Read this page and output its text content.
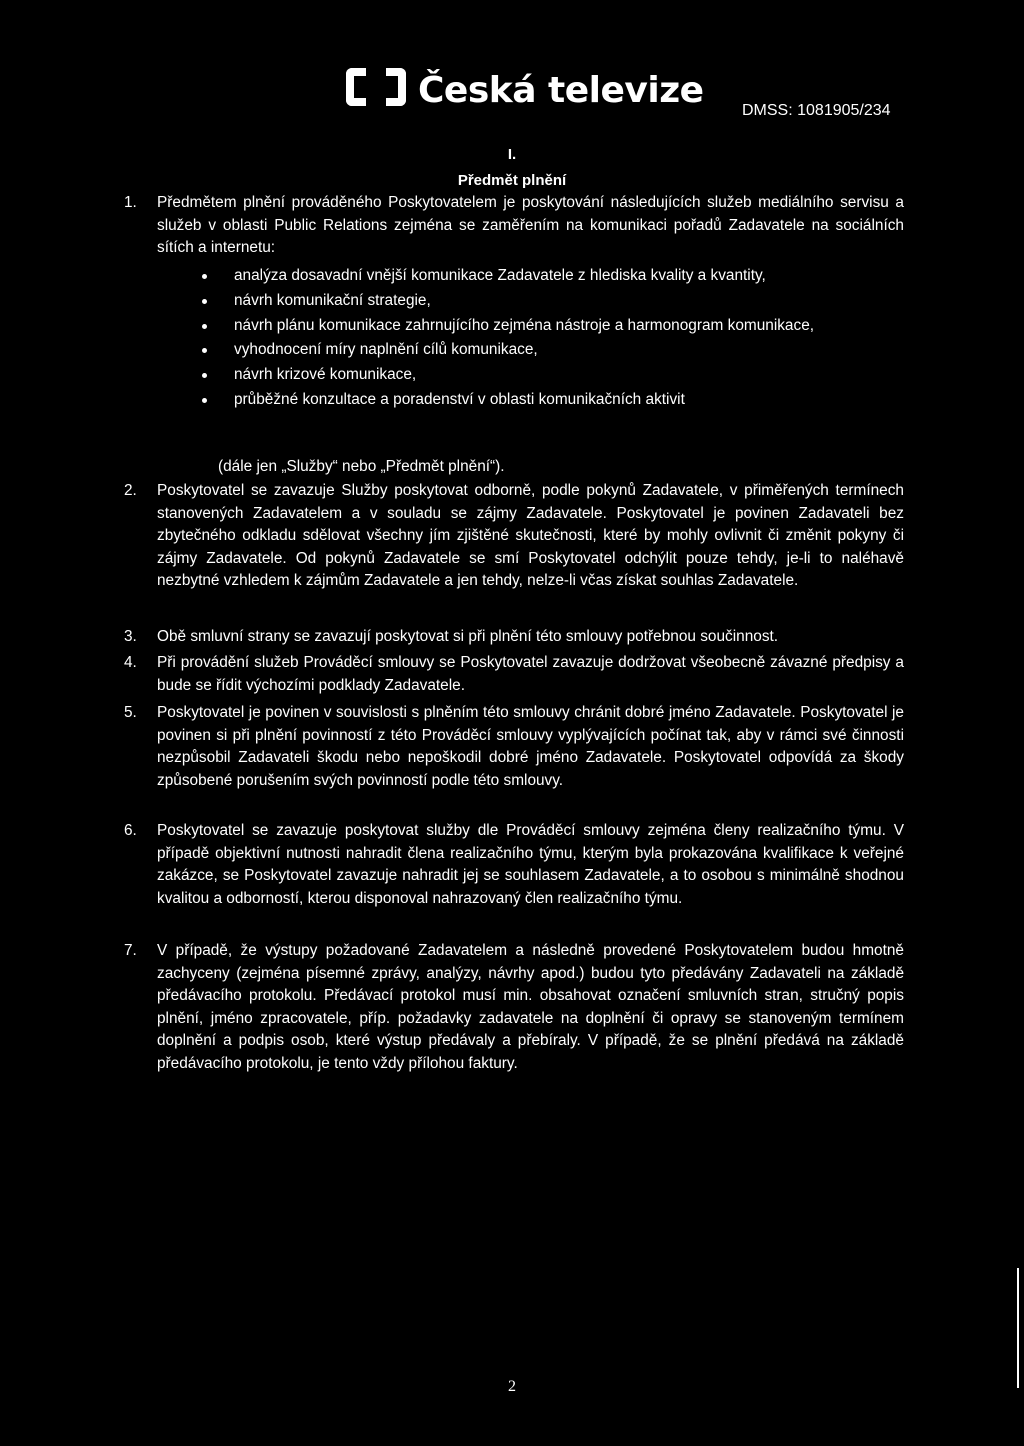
Česká televize DMSS: 1081905/234
I.
Předmět plnění
1. Předmětem plnění prováděného Poskytovatelem je poskytování následujících služeb mediálního servisu a služeb v oblasti Public Relations zejména se zaměřením na komunikaci pořadů Zadavatele na sociálních sítích a internetu:
analýza dosavadní vnější komunikace Zadavatele z hlediska kvality a kvantity,
návrh komunikační strategie,
návrh plánu komunikace zahrnujícího zejména nástroje a harmonogram komunikace,
vyhodnocení míry naplnění cílů komunikace,
návrh krizové komunikace,
průběžné konzultace a poradenství v oblasti komunikačních aktivit
(dále jen „Služby“ nebo „Předmět plnění“).
2. Poskytovatel se zavazuje Služby poskytovat odborně, podle pokynů Zadavatele, v přiměřených termínech stanovených Zadavatelem a v souladu se zájmy Zadavatele. Poskytovatel je povinen Zadavateli bez zbytečného odkladu sdělovat všechny jím zjištěné skutečnosti, které by mohly ovlivnit či změnit pokyny či zájmy Zadavatele. Od pokynů Zadavatele se smí Poskytovatel odchýlit pouze tehdy, je-li to naléhavě nezbytné vzhledem k zájmům Zadavatele a jen tehdy, nelze-li včas získat souhlas Zadavatele.
3. Obě smluvní strany se zavazují poskytovat si při plnění této smlouvy potřebnou součinnost.
4. Při provádění služeb Prováděcí smlouvy se Poskytovatel zavazuje dodržovat všeobecně závazné předpisy a bude se řídit výchozími podklady Zadavatele.
5. Poskytovatel je povinen v souvislosti s plněním této smlouvy chránit dobré jméno Zadavatele. Poskytovatel je povinen si při plnění povinností z této Prováděcí smlouvy vyplývajících počínat tak, aby v rámci své činnosti nezpůsobil Zadavateli škodu nebo nepoškodil dobré jméno Zadavatele. Poskytovatel odpovídá za škody způsobené porušením svých povinností podle této smlouvy.
6. Poskytovatel se zavazuje poskytovat služby dle Prováděcí smlouvy zejména členy realizačního týmu. V případě objektivní nutnosti nahradit člena realizačního týmu, kterým byla prokazována kvalifikace k veřejné zakázce, se Poskytovatel zavazuje nahradit jej se souhlasem Zadavatele, a to osobou s minimálně shodnou kvalitou a odborností, kterou disponoval nahrazovaný člen realizačního týmu.
7. V případě, že výstupy požadované Zadavatelem a následně provedené Poskytovatelem budou hmotně zachyceny (zejména písemné zprávy, analýzy, návrhy apod.) budou tyto předávány Zadavateli na základě předávacího protokolu. Předávací protokol musí min. obsahovat označení smluvních stran, stručný popis plnění, jméno zpracovatele, příp. požadavky zadavatele na doplnění či opravy se stanoveným termínem doplnění a podpis osob, které výstup předávaly a přebíraly. V případě, že se plnění předává na základě předávacího protokolu, je tento vždy přílohou faktury.
2
